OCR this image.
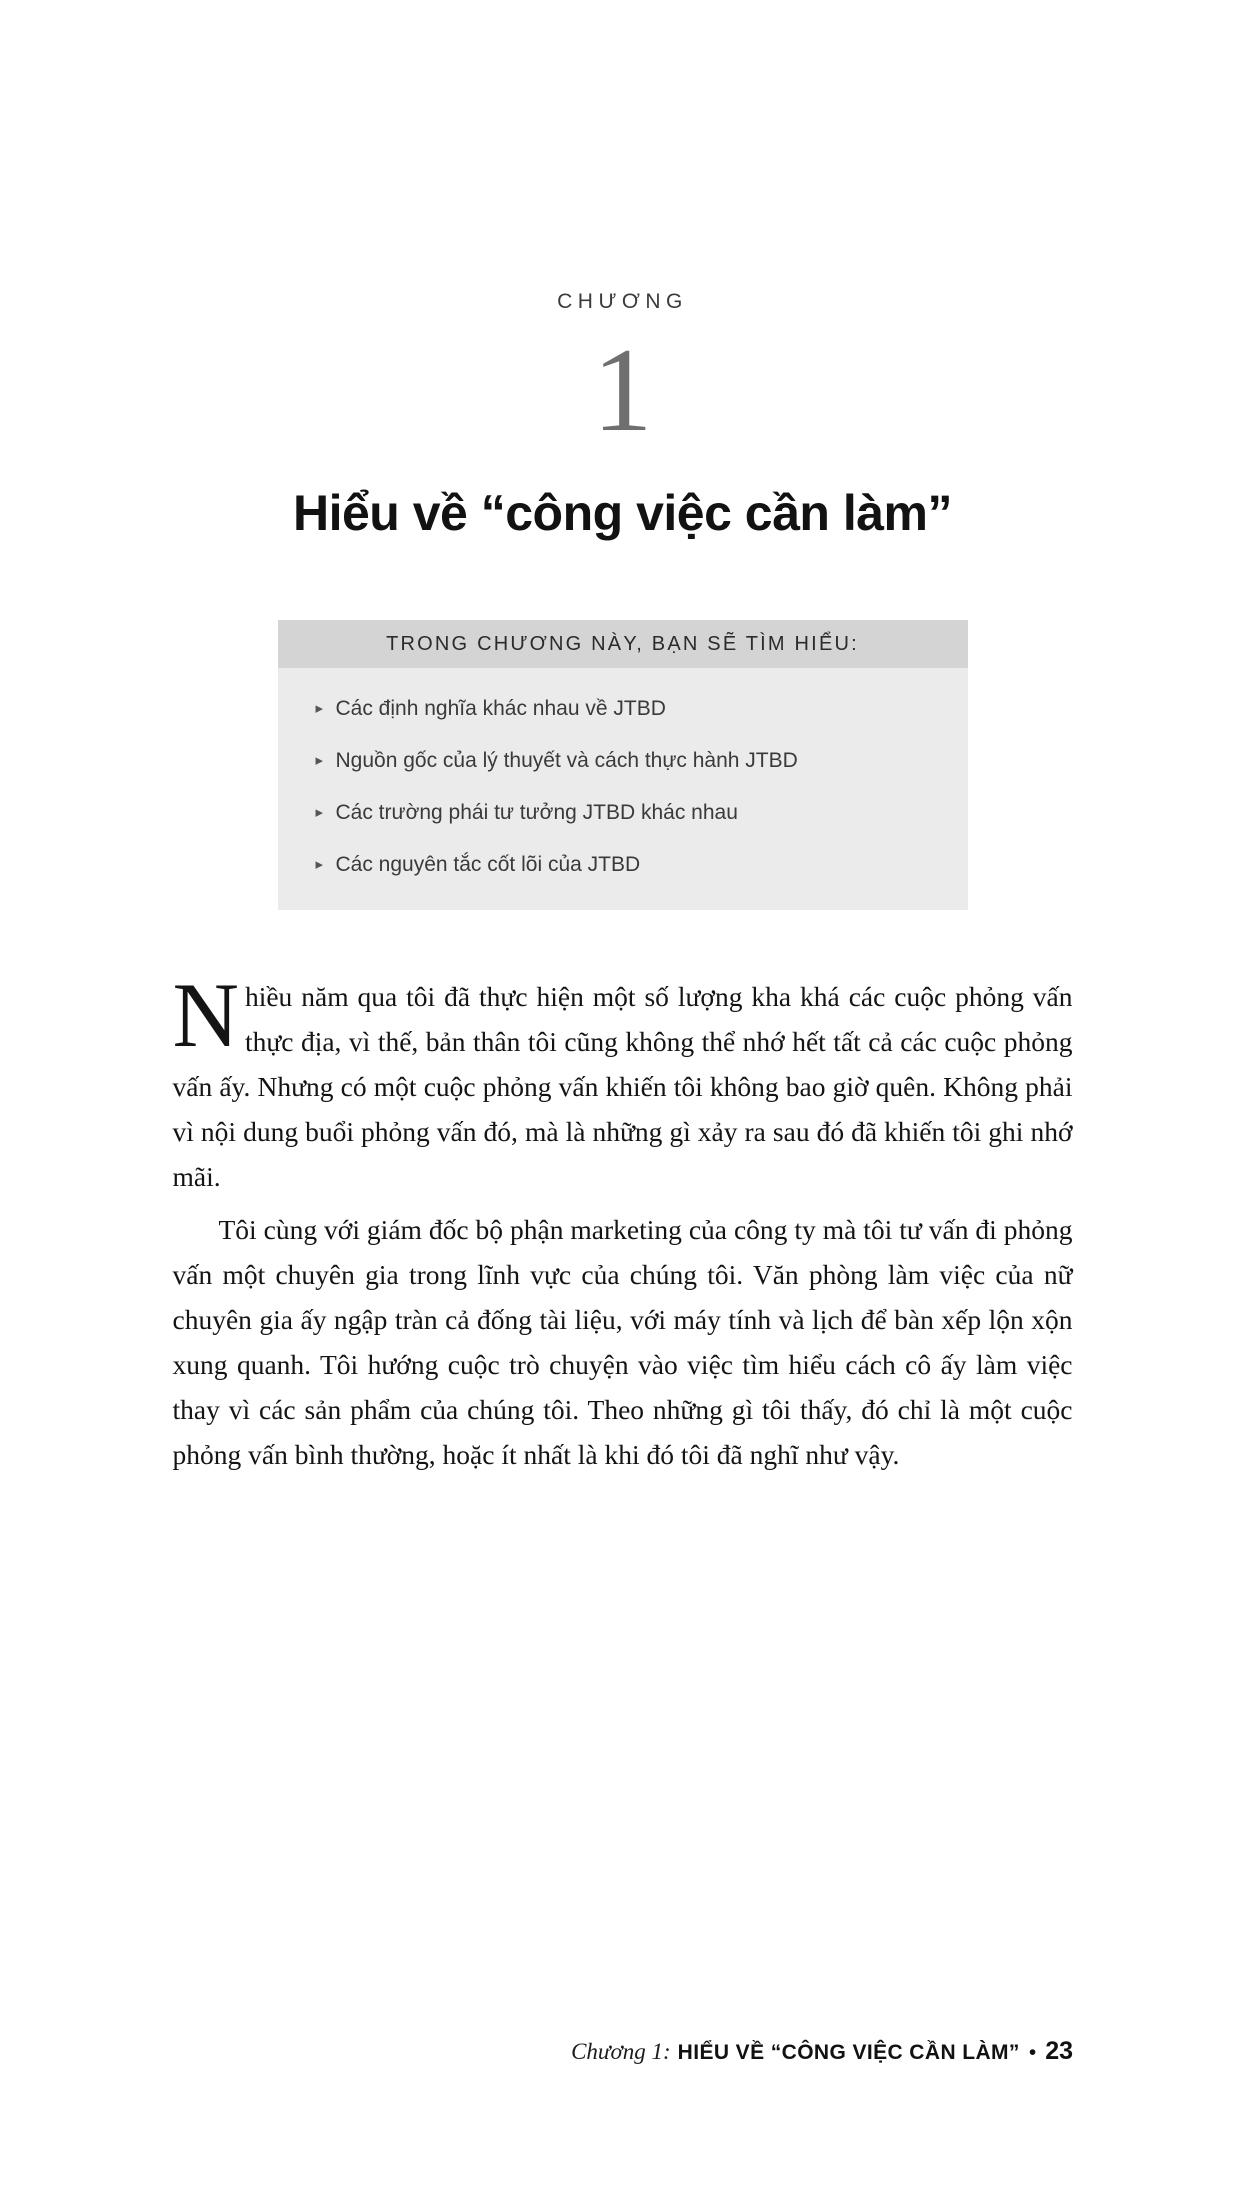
CHƯƠNG
1
Hiểu về “công việc cần làm”
TRONG CHƯƠNG NÀY, BẠN SẼ TÌM HIỂU:
▸ Các định nghĩa khác nhau về JTBD
▸ Nguồn gốc của lý thuyết và cách thực hành JTBD
▸ Các trường phái tư tưởng JTBD khác nhau
▸ Các nguyên tắc cốt lõi của JTBD

Nhiều năm qua tôi đã thực hiện một số lượng kha khá các cuộc phỏng vấn thực địa, vì thế, bản thân tôi cũng không thể nhớ hết tất cả các cuộc phỏng vấn ấy. Nhưng có một cuộc phỏng vấn khiến tôi không bao giờ quên. Không phải vì nội dung buổi phỏng vấn đó, mà là những gì xảy ra sau đó đã khiến tôi ghi nhớ mãi.

Tôi cùng với giám đốc bộ phận marketing của công ty mà tôi tư vấn đi phỏng vấn một chuyên gia trong lĩnh vực của chúng tôi. Văn phòng làm việc của nữ chuyên gia ấy ngập tràn cả đống tài liệu, với máy tính và lịch để bàn xếp lộn xộn xung quanh. Tôi hướng cuộc trò chuyện vào việc tìm hiểu cách cô ấy làm việc thay vì các sản phẩm của chúng tôi. Theo những gì tôi thấy, đó chỉ là một cuộc phỏng vấn bình thường, hoặc ít nhất là khi đó tôi đã nghĩ như vậy.

Chương 1: HIỂU VỀ “CÔNG VIỆC CẦN LÀM” • 23
